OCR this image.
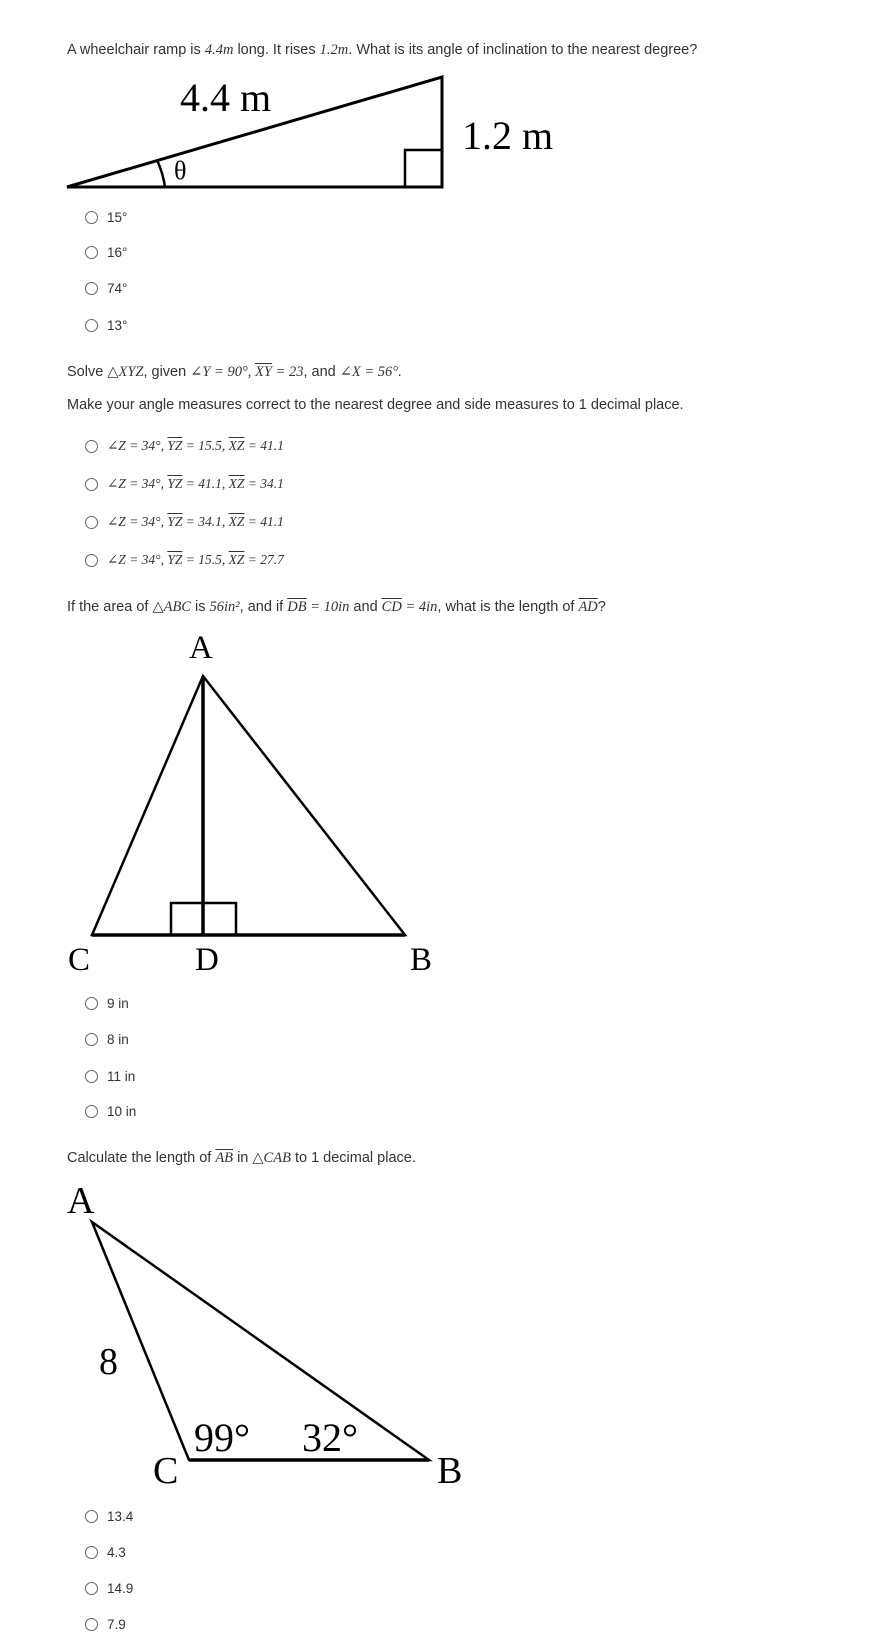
A wheelchair ramp is 4.4m long. It rises 1.2m. What is its angle of inclination to the nearest degree?
4.4 m
1.2 m
θ
15°
16°
74°
13°
Solve △XYZ, given ∠Y = 90°, $\overline{XY} = 23$, and ∠X = 56°.
Make your angle measures correct to the nearest degree and side measures to 1 decimal place.
∠Z = 34°, $\overline{YZ} = 15.5$, $\overline{XZ} = 41.1$
∠Z = 34°, $\overline{YZ} = 41.1$, $\overline{XZ} = 34.1$
∠Z = 34°, $\overline{YZ} = 34.1$, $\overline{XZ} = 41.1$
∠Z = 34°, $\overline{YZ} = 15.5$, $\overline{XZ} = 27.7$
If the area of △ABC is 56in², and if $\overline{DB} = 10in$ and $\overline{CD} = 4in$, what is the length of $\overline{AD}$?
A
C	D	B
9 in
8 in
11 in
10 in
Calculate the length of $\overline{AB}$ in △CAB to 1 decimal place.
A
8
99° 32°
C	B
13.4
4.3
14.9
7.9
